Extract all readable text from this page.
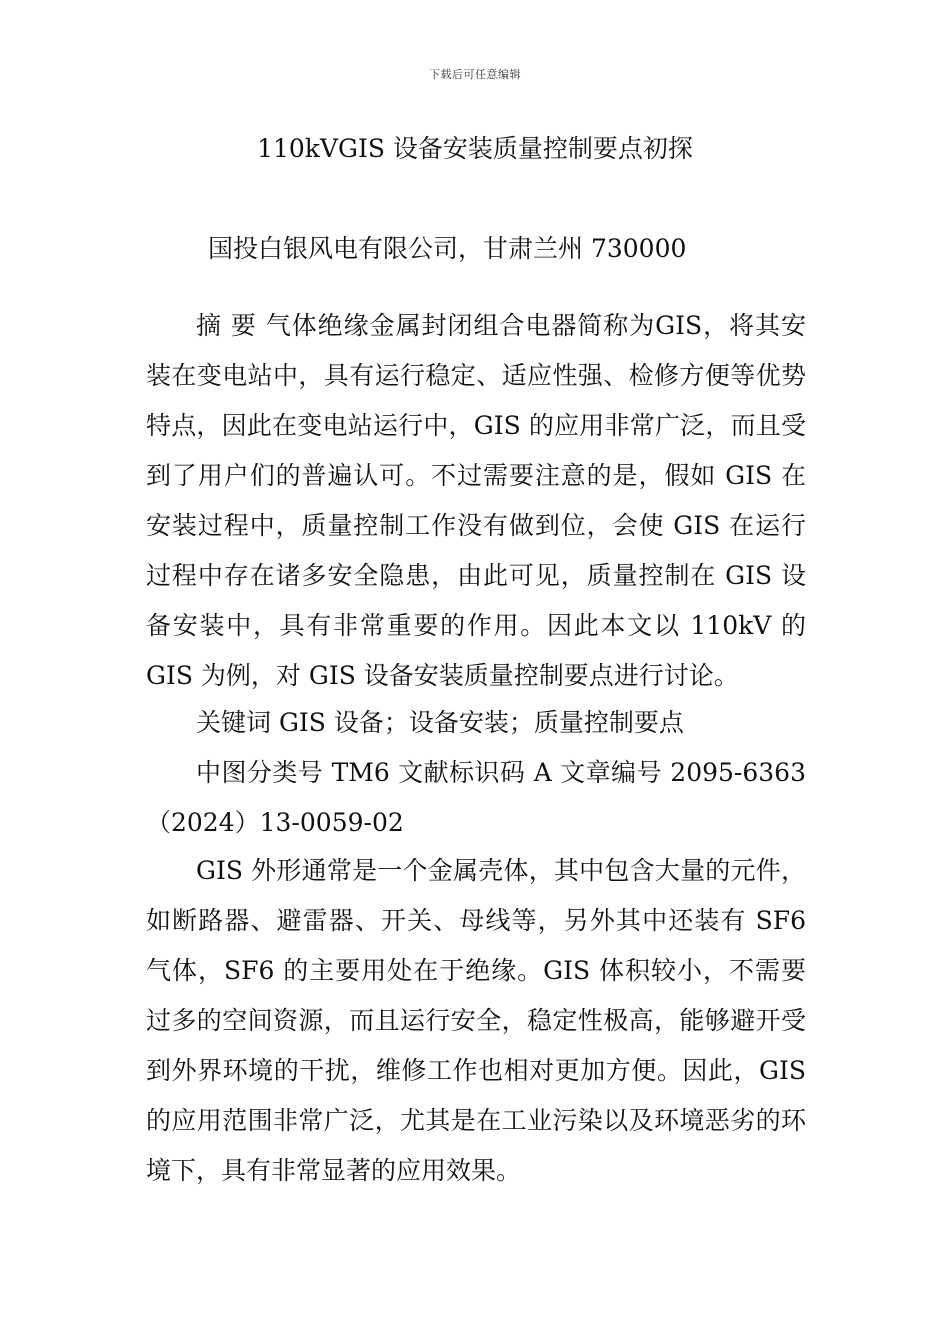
下载后可任意编辑
110kVGIS 设备安装质量控制要点初探
国投白银风电有限公司，甘肃兰州 730000

摘 要 气体绝缘金属封闭组合电器简称为GIS，将其安装在变电站中，具有运行稳定、适应性强、检修方便等优势特点，因此在变电站运行中，GIS 的应用非常广泛，而且受到了用户们的普遍认可。不过需要注意的是，假如 GIS 在安装过程中，质量控制工作没有做到位，会使 GIS 在运行过程中存在诸多安全隐患，由此可见，质量控制在 GIS 设备安装中，具有非常重要的作用。因此本文以 110kV 的 GIS 为例，对 GIS 设备安装质量控制要点进行讨论。

关键词 GIS 设备；设备安装；质量控制要点

中图分类号 TM6 文献标识码 A 文章编号 2095-6363（2024）13-0059-02

GIS 外形通常是一个金属壳体，其中包含大量的元件，如断路器、避雷器、开关、母线等，另外其中还装有 SF6 气体，SF6 的主要用处在于绝缘。GIS 体积较小，不需要过多的空间资源，而且运行安全，稳定性极高，能够避开受到外界环境的干扰，维修工作也相对更加方便。因此，GIS 的应用范围非常广泛，尤其是在工业污染以及环境恶劣的环境下，具有非常显著的应用效果。
